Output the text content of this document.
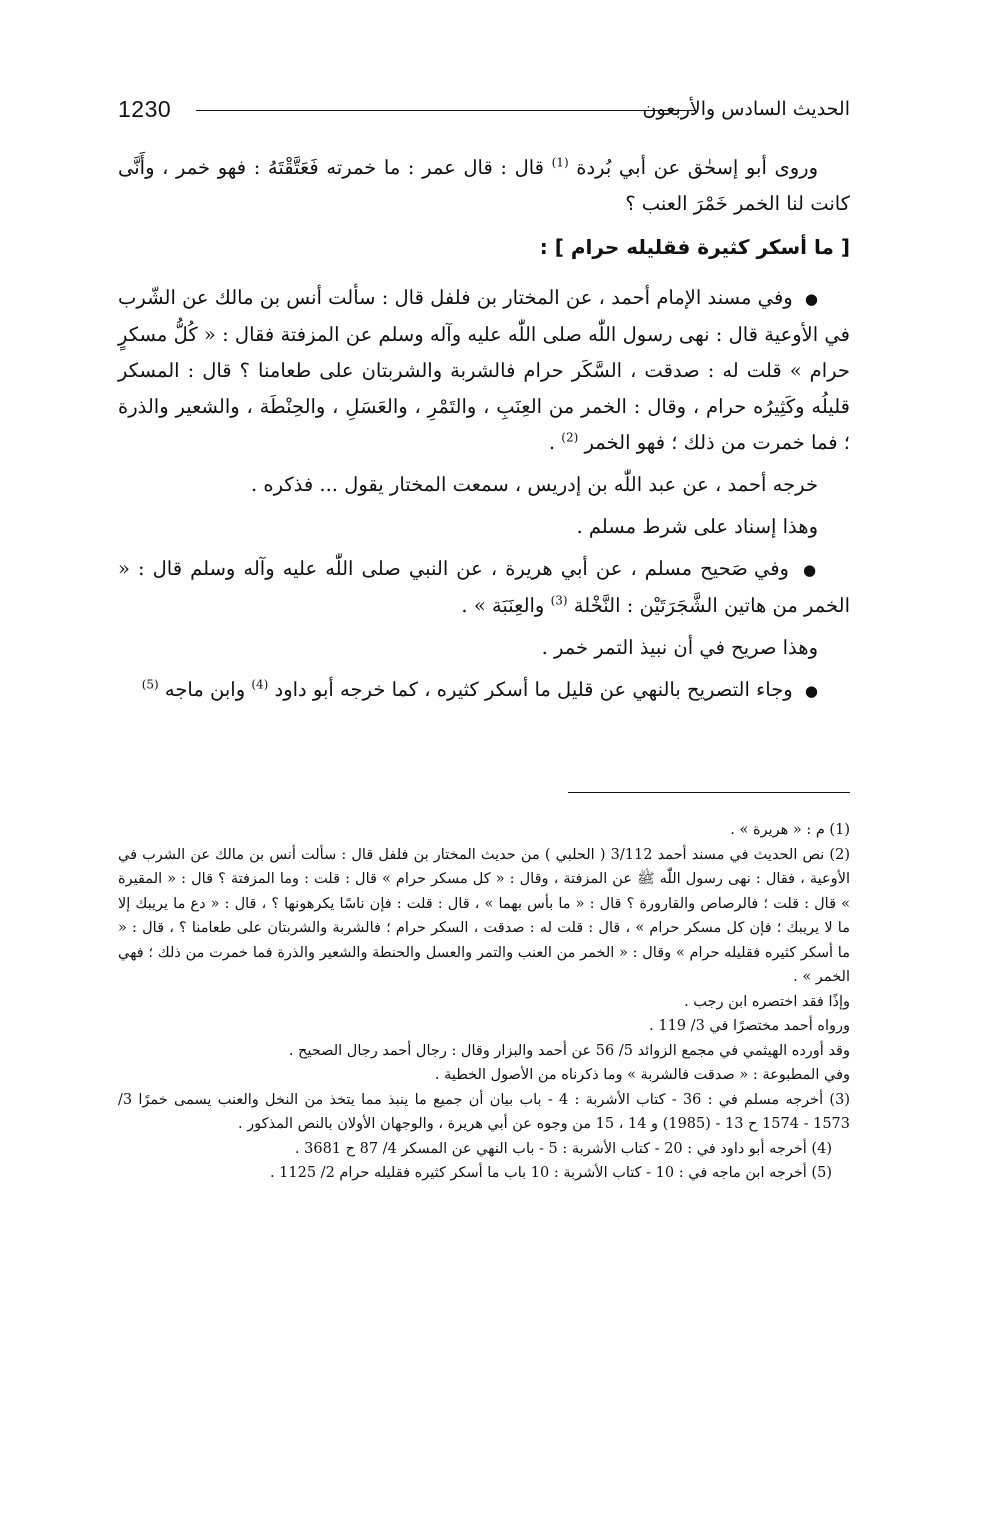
1230	الحديث السادس والأربعون

وروى أبو إسحٰق عن أبي بُردة $^{(1)}$ قال : قال عمر : ما خمرته فَعَتَّقْتَهُ : فهو خمر ، وأَنَّى كانت لنا الخمر خَمْرَ العنب ؟

[ ما أسكر كثيرة فقليله حرام ] :

● وفي مسند الإمام أحمد ، عن المختار بن فلفل قال : سألت أنس بن مالك عن الشّرب في الأوعية قال : نهى رسول اللّٰه صلى اللّٰه عليه وآله وسلم عن المزفتة فقال : « كُلُّ مسكرٍ حرام » قلت له : صدقت ، السَّكَر حرام فالشربة والشربتان على طعامنا ؟ قال : المسكر قليلُه وكَثِيرُه حرام ، وقال : الخمر من العِنَبِ ، والتَمْرِ ، والعَسَلِ ، والحِنْطَة ، والشعير والذرة ؛ فما خمرت من ذلك ؛ فهو الخمر $^{(2)}$ .

خرجه أحمد ، عن عبد اللّٰه بن إدريس ، سمعت المختار يقول ... فذكره .

وهذا إسناد على شرط مسلم .

● وفي صَحيح مسلم ، عن أبي هريرة ، عن النبي صلى اللّٰه عليه وآله وسلم قال : « الخمر من هاتين الشَّجَرَتَيْن : النَّخْلة $^{(3)}$ والعِنَبَة » .

وهذا صريح في أن نبيذ التمر خمر .

● وجاء التصريح بالنهي عن قليل ما أسكر كثيره ، كما خرجه أبو داود $^{(4)}$ وابن ماجه $^{(5)}$

(1) م : « هريرة » .

(2) نص الحديث في مسند أحمد 3/112 ( الحلبي ) من حديث المختار بن فلفل قال : سألت أنس بن مالك عن الشرب في الأوعية ، فقال : نهى رسول اللّٰه ﷺ عن المزفتة ، وقال : « كل مسكر حرام » قال : قلت : وما المزفتة ؟ قال : « المقيرة » قال : قلت ؛ فالرصاص والقارورة ؟ قال : « ما بأس بهما » ، قال : قلت : فإن ناسًا يكرهونها ؟ ، قال : « دع ما يريبك إلا ما لا يريبك ؛ فإن كل مسكر حرام » ، قال : قلت له : صدقت ، السكر حرام ؛ فالشربة والشربتان على طعامنا ؟ ، قال : « ما أسكر كثيره فقليله حرام » وقال : « الخمر من العنب والتمر والعسل والحنطة والشعير والذرة فما خمرت من ذلك ؛ فهي الخمر » .

وإذًا فقد اختصره ابن رجب .

ورواه أحمد مختصرًا في 3/ 119 .

وقد أورده الهيثمي في مجمع الزوائد 5/ 56 عن أحمد والبزار وقال : رجال أحمد رجال الصحيح .

وفي المطبوعة : « صدقت فالشربة » وما ذكرناه من الأصول الخطية .

(3) أخرجه مسلم في : 36 - كتاب الأشربة : 4 - باب بيان أن جميع ما ينبذ مما يتخذ من النخل والعنب يسمى خمرًا 3/ 1573 - 1574 ح 13 - (1985) و 14 ، 15 من وجوه عن أبي هريرة ، والوجهان الأولان بالنص المذكور .

(4) أخرجه أبو داود في : 20 - كتاب الأشربة : 5 - باب النهي عن المسكر 4/ 87 ح 3681 .

(5) أخرجه ابن ماجه في : 10 - كتاب الأشربة : 10 باب ما أسكر كثيره فقليله حرام 2/ 1125 .
